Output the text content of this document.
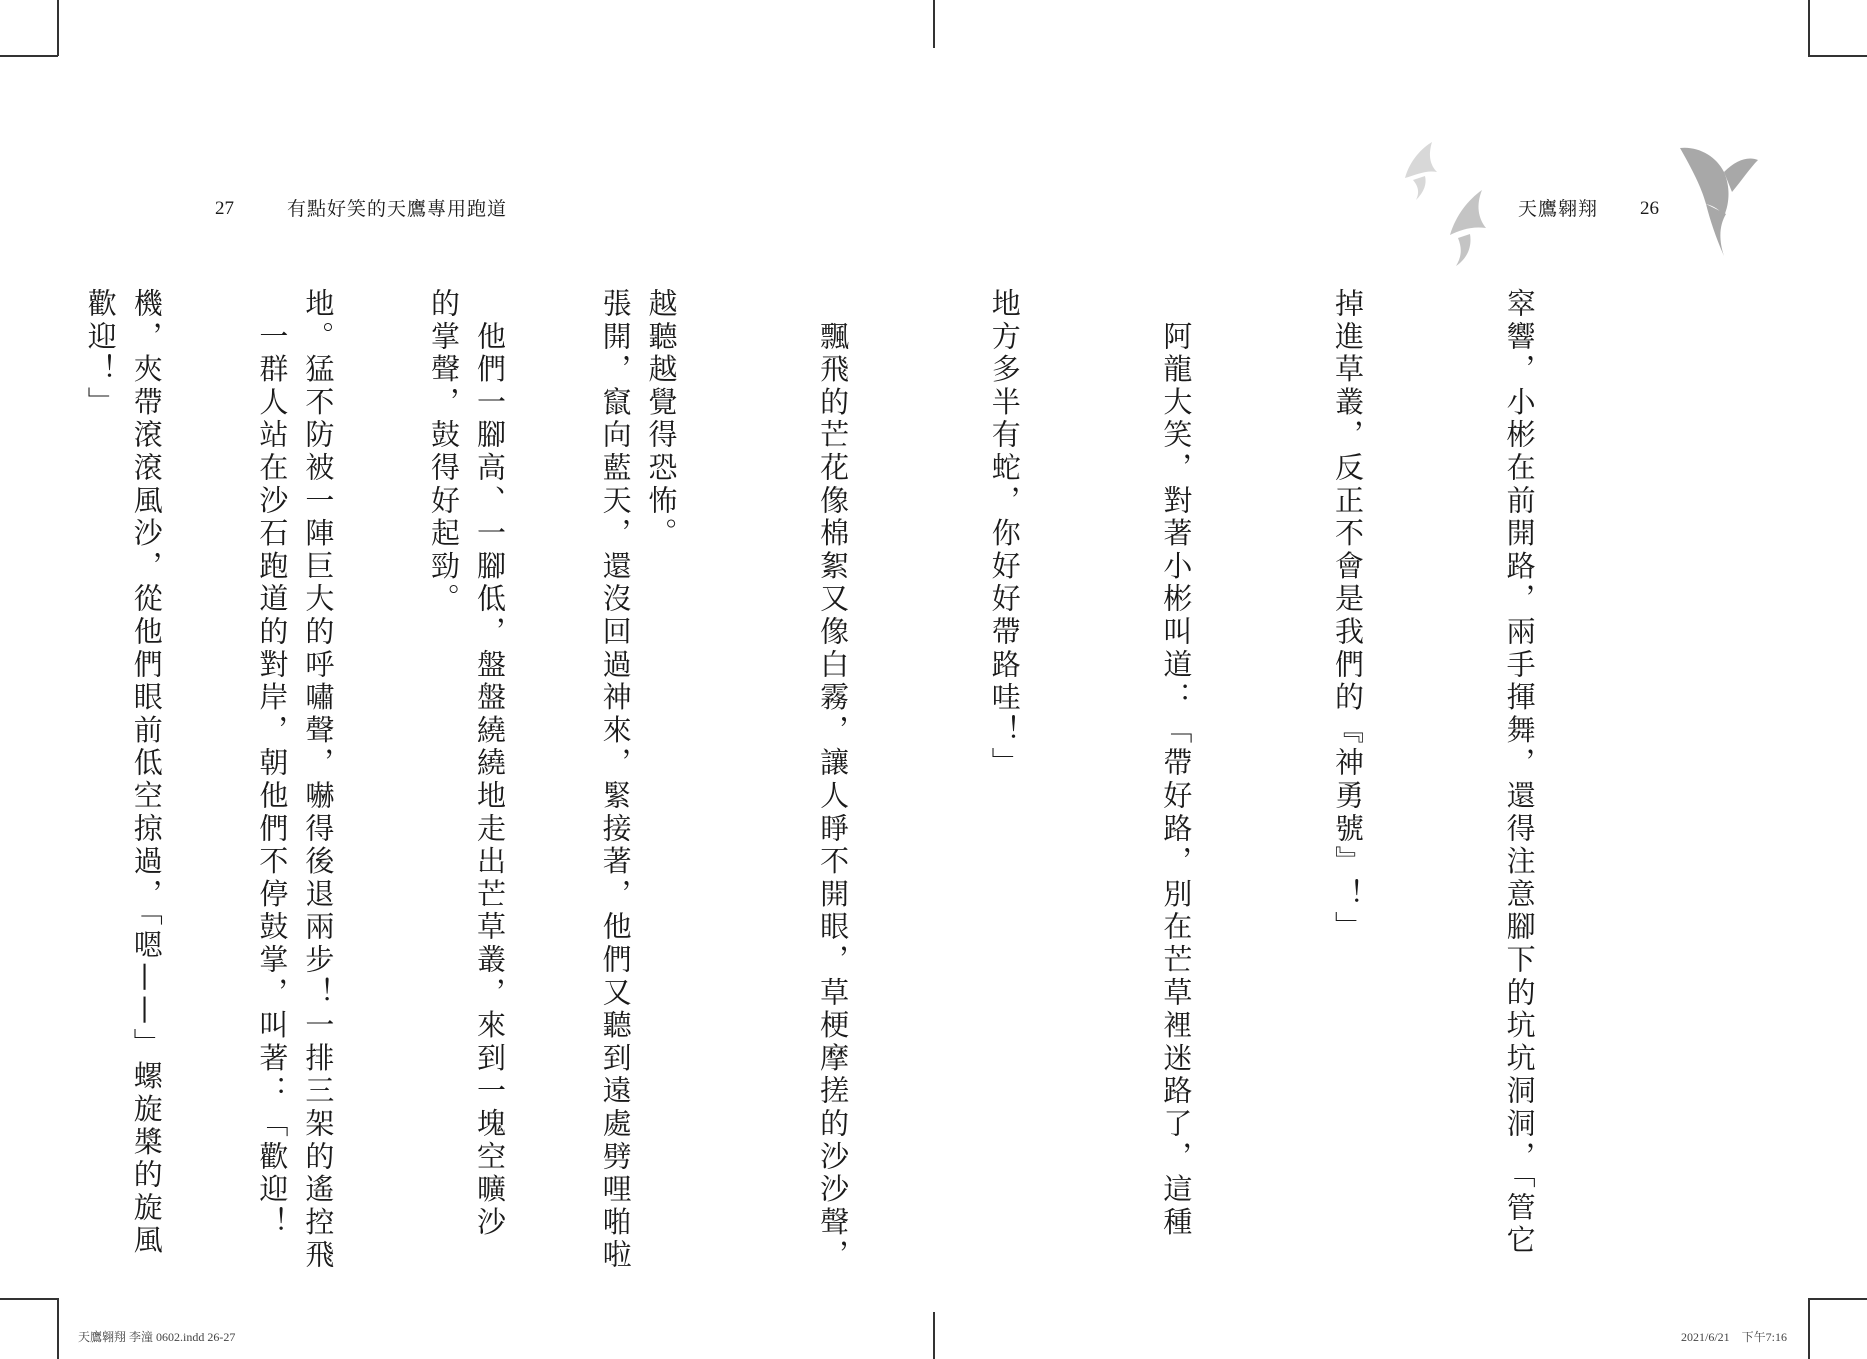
27	有點好笑的天鷹專用跑道	天鷹翱翔 26

張開，竄向藍天，還沒回過神來，緊接著，他們又聽到遠處劈哩啪啦

的掌聲，鼓得好起勁。

　一群人站在沙石跑道的對岸，朝他們不停鼓掌，叫著：「歡迎！

歡迎！」

	窣響，小彬在前開路，兩手揮舞，還得注意腳下的坑坑洞洞，「管它

掉進草叢，反正不會是我們的『神勇號』！」

　阿龍大笑，對著小彬叫道：「帶好路，別在芒草裡迷路了，這種

地方多半有蛇，你好好帶路哇！」

　飄飛的芒花像棉絮又像白霧，讓人睜不開眼，草梗摩搓的沙沙聲，

越聽越覺得恐怖。

　他們一腳高、一腳低，盤盤繞繞地走出芒草叢，來到一塊空曠沙

地。猛不防被一陣巨大的呼嘯聲，嚇得後退兩步！一排三架的遙控飛

機，夾帶滾滾風沙，從他們眼前低空掠過，「嗯——」螺旋槳的旋風

天鷹翱翔 李潼 0602.indd 26-27	2021/6/21　下午7:16
